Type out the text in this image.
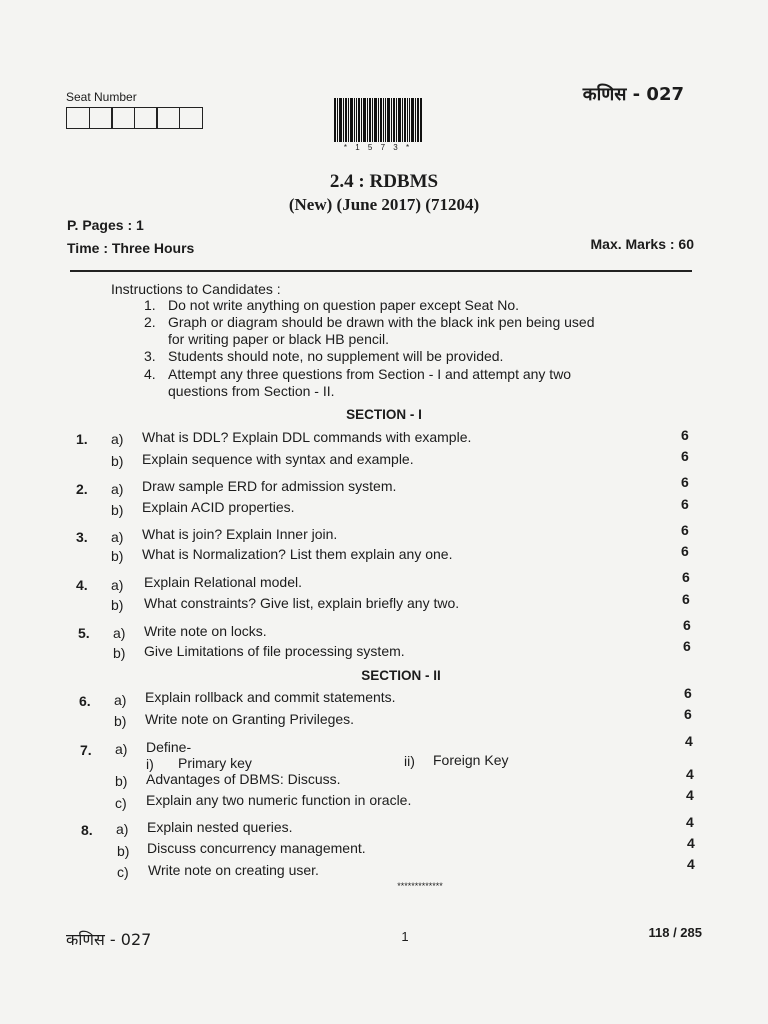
Seat Number	कणिस - 027
* 1 5 7 3 *
2.4 : RDBMS
(New) (June 2017) (71204)
P. Pages : 1
Time : Three Hours	Max. Marks : 60
Instructions to Candidates :
1. Do not write anything on question paper except Seat No.
2. Graph or diagram should be drawn with the black ink pen being used
for writing paper or black HB pencil.
3. Students should note, no supplement will be provided.
4. Attempt any three questions from Section - I and attempt any two
questions from Section - II.
SECTION - I
1. a) What is DDL? Explain DDL commands with example.	6
b) Explain sequence with syntax and example.	6
2. a) Draw sample ERD for admission system.	6
b) Explain ACID properties.	6
3. a) What is join? Explain Inner join.	6
b) What is Normalization? List them explain any one.	6
4. a) Explain Relational model.	6
b) What constraints? Give list, explain briefly any two.	6
5. a) Write note on locks.	6
b) Give Limitations of file processing system.	6
SECTION - II
6. a) Explain rollback and commit statements.	6
b) Write note on Granting Privileges.	6
7. a) Define-	4
i) Primary key	ii) Foreign Key
b) Advantages of DBMS: Discuss.	4
c) Explain any two numeric function in oracle.	4
8. a) Explain nested queries.	4
b) Discuss concurrency management.	4
c) Write note on creating user.	4
*************
कणिस - 027	1	118 / 285
